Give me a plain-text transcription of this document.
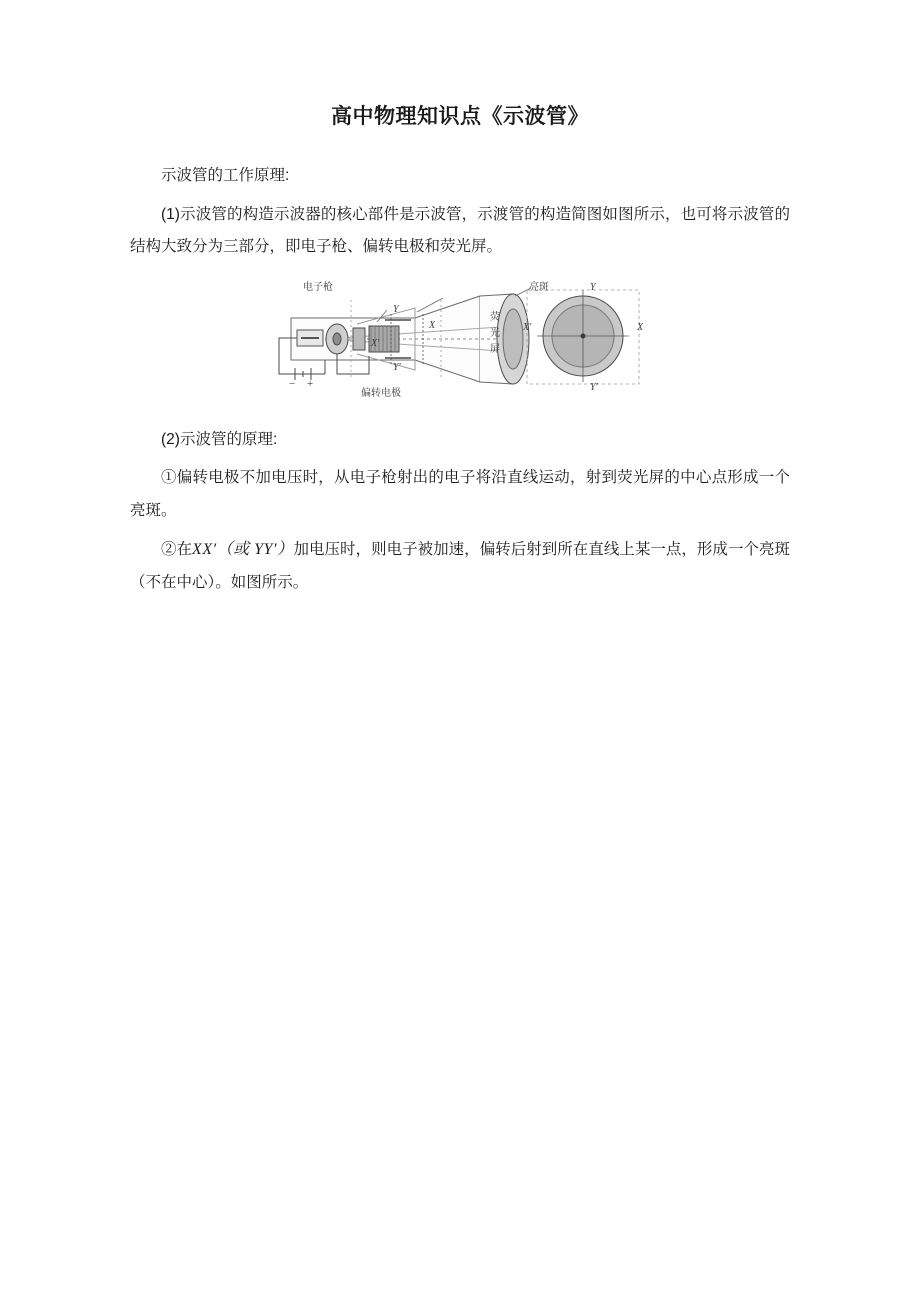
高中物理知识点《示波管》

示波管的工作原理:

(1)示波管的构造示波器的核心部件是示波管，示渡管的构造简图如图所示，也可将示波管的结构大致分为三部分，即电子枪、偏转电极和荧光屏。

电子枪	亮斑
偏转电极
荧
光
屏
Y
Y′
X
X′
Y
Y′
X′	X
− +

(2)示波管的原理:

①偏转电极不加电压时，从电子枪射出的电子将沿直线运动，射到荧光屏的中心点形成一个亮斑。

②在XX′（或 YY′）加电压时，则电子被加速，偏转后射到所在直线上某一点，形成一个亮斑（不在中心）。如图所示。
